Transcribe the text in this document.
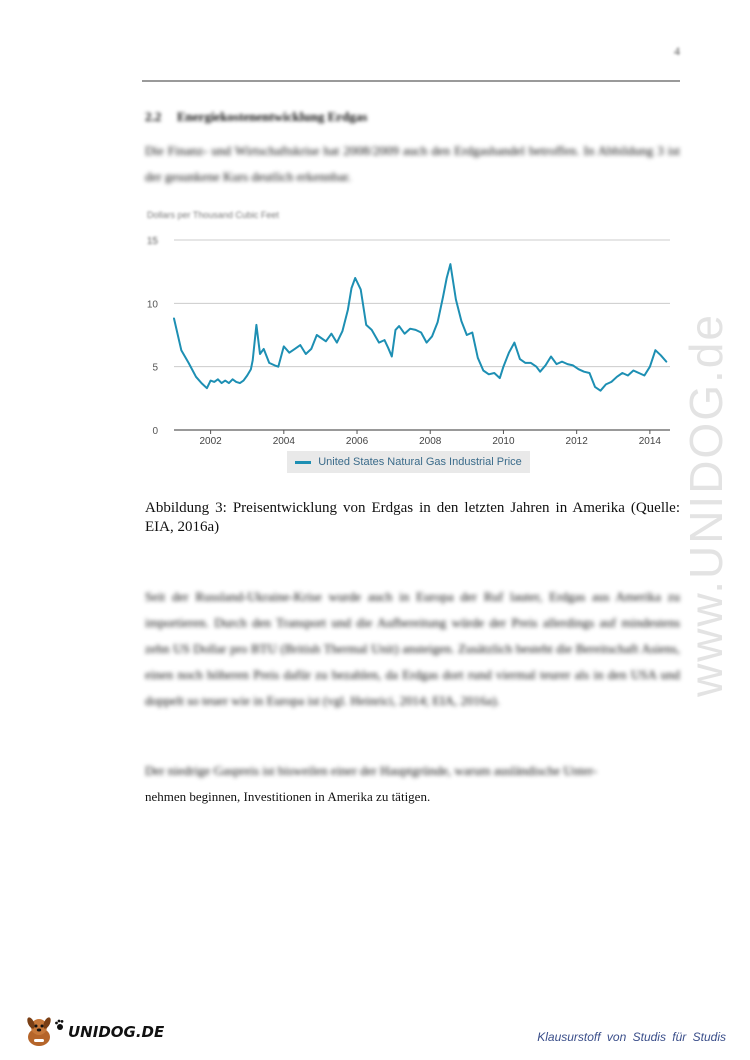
4
2.2 Energiekostenentwicklung Erdgas
Die Finanz- und Wirtschaftskrise hat 2008/2009 auch den Erdgashandel betroffen. In Abbildung 3 ist der gesunkene Kurs deutlich erkennbar.
Dollars per Thousand Cubic Feet
0
5
10
15
2002	2004	2006	2008	2010	2012	2014
United States Natural Gas Industrial Price
Abbildung 3: Preisentwicklung von Erdgas in den letzten Jahren in Amerika (Quelle: EIA, 2016a)
Seit der Russland-Ukraine-Krise wurde auch in Europa der Ruf lauter, Erdgas aus Amerika zu importieren. Durch den Transport und die Aufbereitung würde der Preis allerdings auf mindestens zehn US Dollar pro BTU (British Thermal Unit) ansteigen. Zusätzlich besteht die Bereitschaft Asiens, einen noch höheren Preis dafür zu bezahlen, da Erdgas dort rund viermal teurer als in den USA und doppelt so teuer wie in Europa ist (vgl. Heinrici, 2014; EIA, 2016a).
Der niedrige Gaspreis ist bisweilen einer der Hauptgründe, warum ausländische Unter-
nehmen beginnen, Investitionen in Amerika zu tätigen.
www.UNIDOG.de
UNIDOG.DE	Klausurstoff von Studis für Studis
